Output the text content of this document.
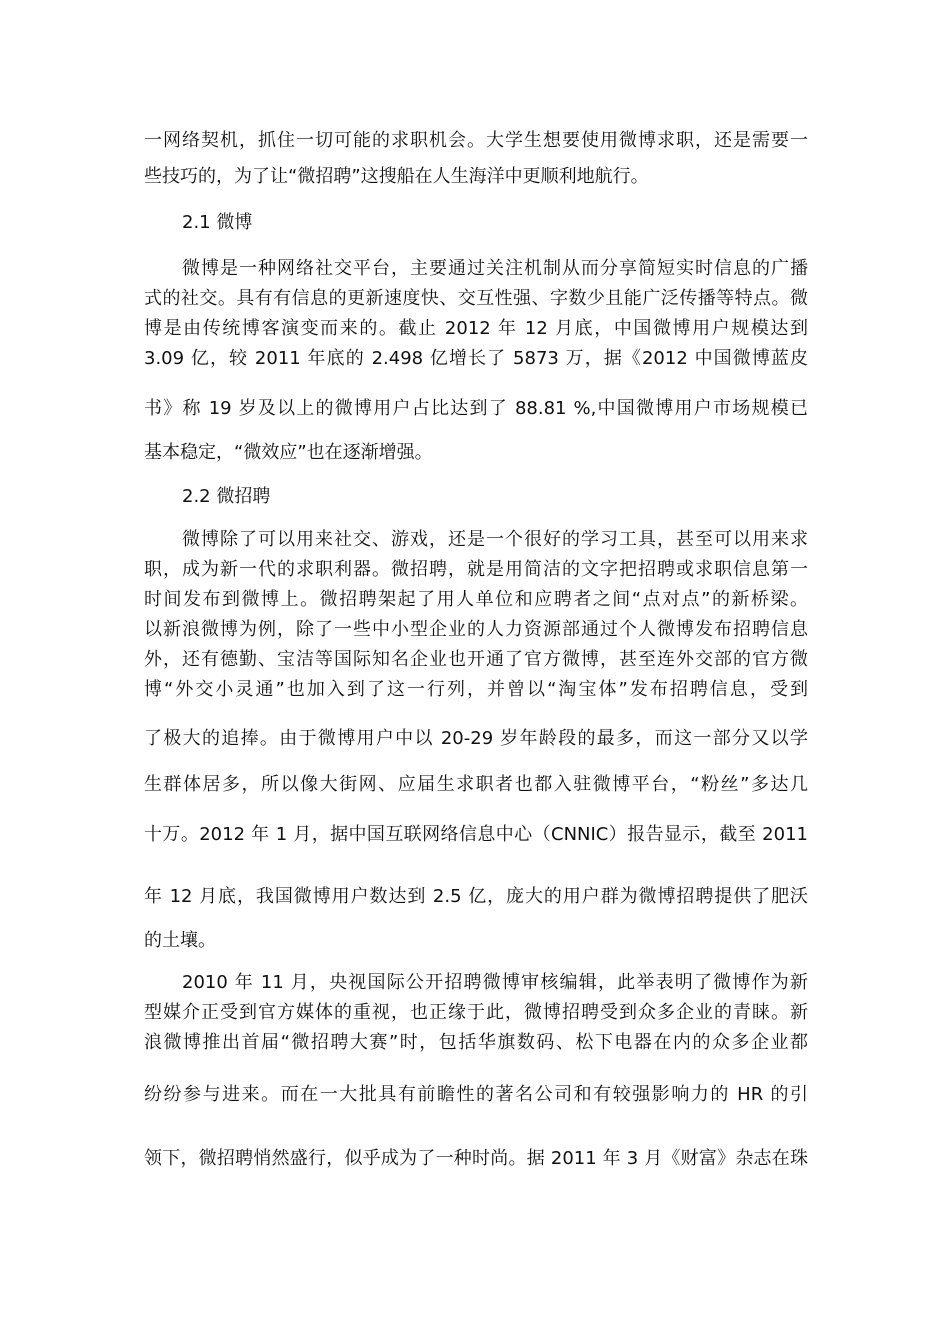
一网络契机，抓住一切可能的求职机会。大学生想要使用微博求职，还是需要一
些技巧的，为了让“微招聘”这搜船在人生海洋中更顺利地航行。
2.1 微博
微博是一种网络社交平台，主要通过关注机制从而分享简短实时信息的广播
式的社交。具有有信息的更新速度快、交互性强、字数少且能广泛传播等特点。微
博是由传统博客演变而来的。截止 2012 年 12 月底，中国微博用户规模达到
3.09 亿，较 2011 年底的 2.498 亿增长了 5873 万，据《2012 中国微博蓝皮
书》称 19 岁及以上的微博用户占比达到了 88.81 %,中国微博用户市场规模已
基本稳定，“微效应”也在逐渐增强。
2.2 微招聘
微博除了可以用来社交、游戏，还是一个很好的学习工具，甚至可以用来求
职，成为新一代的求职利器。微招聘，就是用简洁的文字把招聘或求职信息第一
时间发布到微博上。微招聘架起了用人单位和应聘者之间“点对点”的新桥梁。
以新浪微博为例，除了一些中小型企业的人力资源部通过个人微博发布招聘信息
外，还有德勤、宝洁等国际知名企业也开通了官方微博，甚至连外交部的官方微
博“外交小灵通”也加入到了这一行列，并曾以“淘宝体”发布招聘信息，受到
了极大的追捧。由于微博用户中以 20-29 岁年龄段的最多，而这一部分又以学
生群体居多，所以像大街网、应届生求职者也都入驻微博平台，“粉丝”多达几
十万。2012 年 1 月，据中国互联网络信息中心（CNNIC）报告显示，截至 2011
年 12 月底，我国微博用户数达到 2.5 亿，庞大的用户群为微博招聘提供了肥沃
的土壤。
2010 年 11 月，央视国际公开招聘微博审核编辑，此举表明了微博作为新
型媒介正受到官方媒体的重视，也正缘于此，微博招聘受到众多企业的青睐。新
浪微博推出首届“微招聘大赛”时，包括华旗数码、松下电器在内的众多企业都
纷纷参与进来。而在一大批具有前瞻性的著名公司和有较强影响力的 HR 的引
领下，微招聘悄然盛行，似乎成为了一种时尚。据 2011 年 3 月《财富》杂志在珠
